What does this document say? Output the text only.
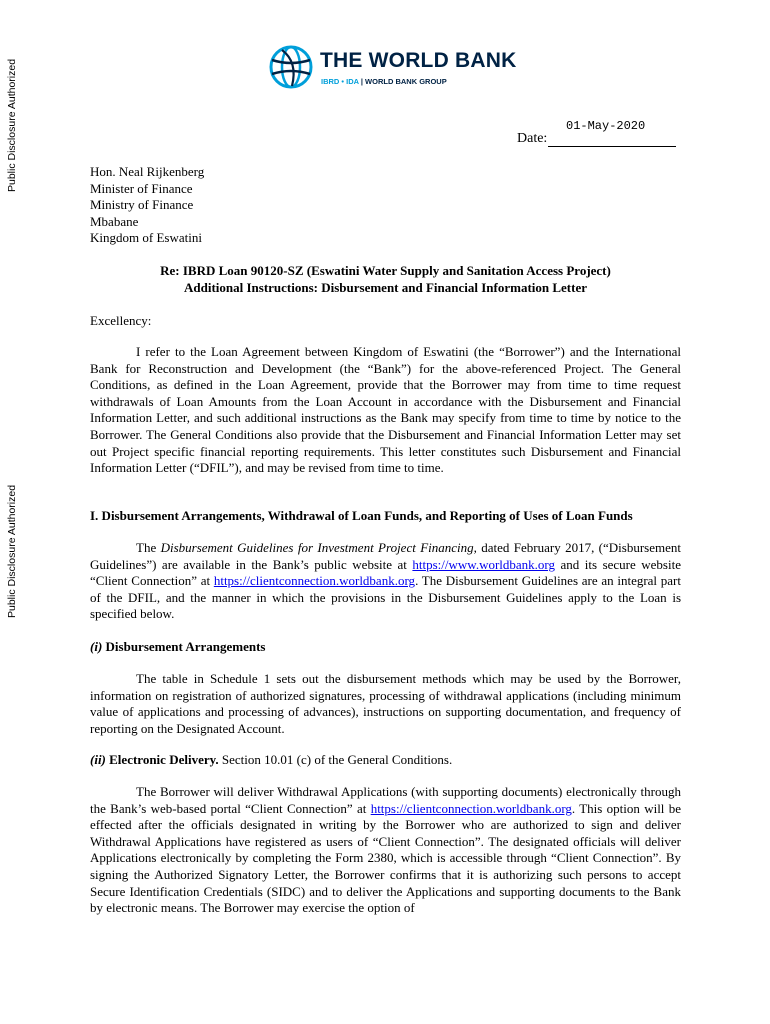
Public Disclosure Authorized
Public Disclosure Authorized
THE WORLD BANK
IBRD • IDA | WORLD BANK GROUP
01-May-2020
Date:
Hon. Neal Rijkenberg
Minister of Finance
Ministry of Finance
Mbabane
Kingdom of Eswatini
Re: IBRD Loan 90120-SZ (Eswatini Water Supply and Sanitation Access Project)
Additional Instructions: Disbursement and Financial Information Letter
Excellency:
I refer to the Loan Agreement between Kingdom of Eswatini (the “Borrower”) and the International Bank for Reconstruction and Development (the “Bank”) for the above-referenced Project. The General Conditions, as defined in the Loan Agreement, provide that the Borrower may from time to time request withdrawals of Loan Amounts from the Loan Account in accordance with the Disbursement and Financial Information Letter, and such additional instructions as the Bank may specify from time to time by notice to the Borrower. The General Conditions also provide that the Disbursement and Financial Information Letter may set out Project specific financial reporting requirements. This letter constitutes such Disbursement and Financial Information Letter (“DFIL”), and may be revised from time to time.
I. Disbursement Arrangements, Withdrawal of Loan Funds, and Reporting of Uses of Loan Funds
The Disbursement Guidelines for Investment Project Financing, dated February 2017, (“Disbursement Guidelines”) are available in the Bank’s public website at https://www.worldbank.org and its secure website “Client Connection” at https://clientconnection.worldbank.org. The Disbursement Guidelines are an integral part of the DFIL, and the manner in which the provisions in the Disbursement Guidelines apply to the Loan is specified below.
(i) Disbursement Arrangements
The table in Schedule 1 sets out the disbursement methods which may be used by the Borrower, information on registration of authorized signatures, processing of withdrawal applications (including minimum value of applications and processing of advances), instructions on supporting documentation, and frequency of reporting on the Designated Account.
(ii) Electronic Delivery. Section 10.01 (c) of the General Conditions.
The Borrower will deliver Withdrawal Applications (with supporting documents) electronically through the Bank’s web-based portal “Client Connection” at https://clientconnection.worldbank.org. This option will be effected after the officials designated in writing by the Borrower who are authorized to sign and deliver Withdrawal Applications have registered as users of “Client Connection”. The designated officials will deliver Applications electronically by completing the Form 2380, which is accessible through “Client Connection”. By signing the Authorized Signatory Letter, the Borrower confirms that it is authorizing such persons to accept Secure Identification Credentials (SIDC) and to deliver the Applications and supporting documents to the Bank by electronic means. The Borrower may exercise the option of
